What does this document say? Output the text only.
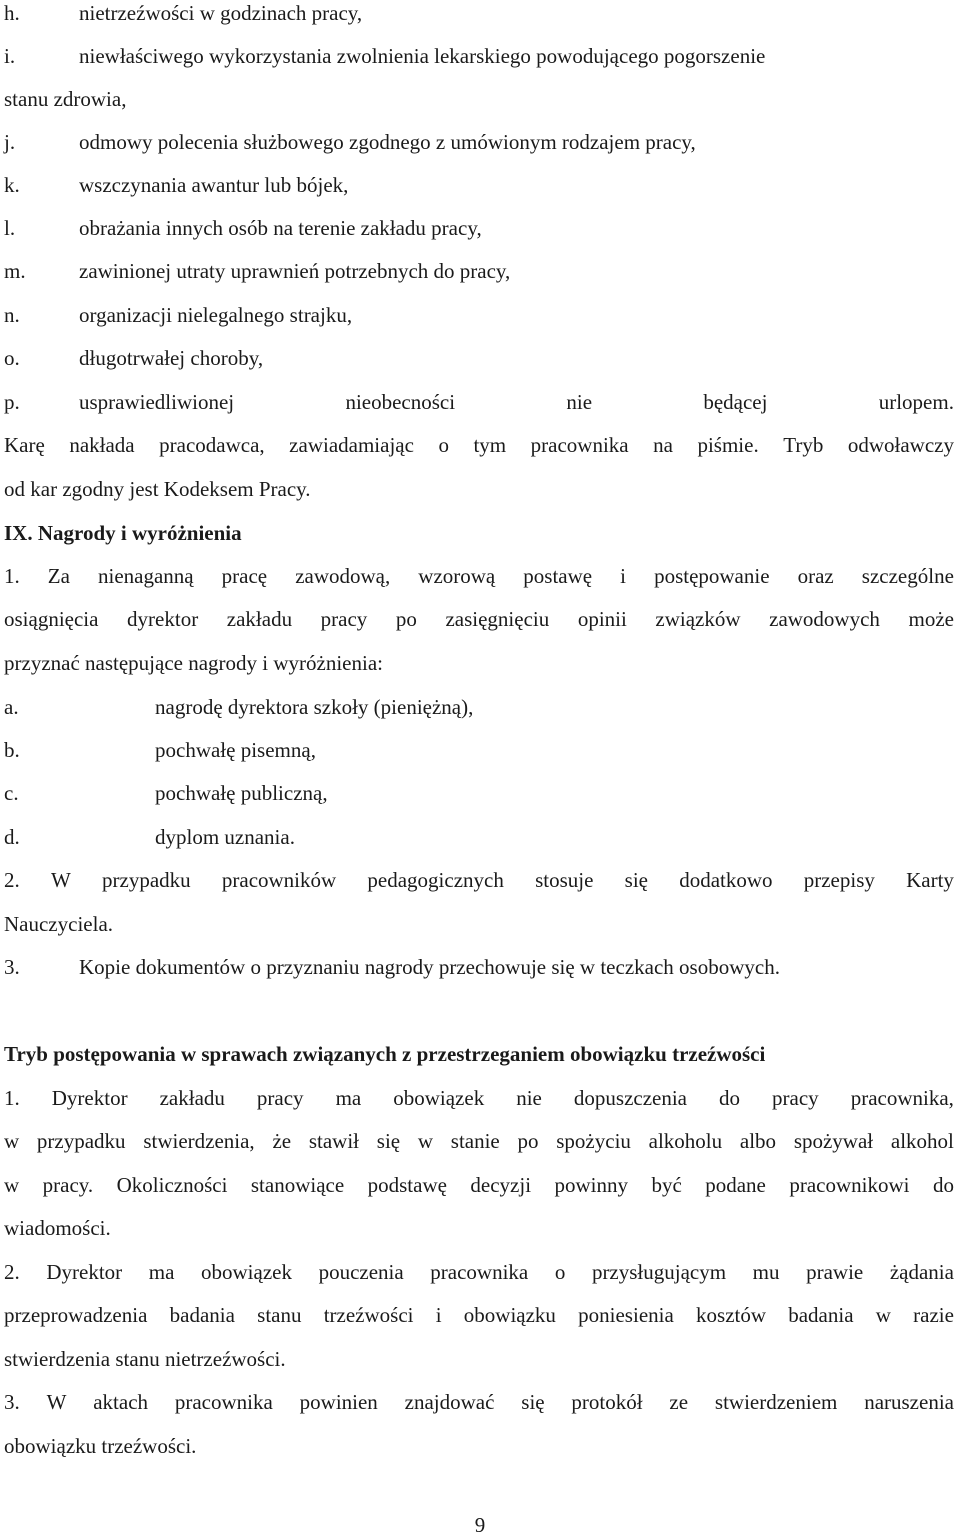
h.	nietrzeźwości w godzinach pracy,
i.	niewłaściwego wykorzystania zwolnienia lekarskiego powodującego pogorszenie
stanu zdrowia,
j.	odmowy polecenia służbowego zgodnego z umówionym rodzajem pracy,
k.	wszczynania awantur lub bójek,
l.	obrażania innych osób na terenie zakładu pracy,
m.	zawinionej utraty uprawnień potrzebnych do pracy,
n.	organizacji nielegalnego strajku,
o.	długotrwałej choroby,
p.	usprawiedliwionej	nieobecności	nie	będącej	urlopem.
Karę nakłada pracodawca, zawiadamiając o tym pracownika na piśmie. Tryb odwoławczy
od kar zgodny jest Kodeksem Pracy.
IX. Nagrody i wyróżnienia
1. Za nienaganną pracę zawodową, wzorową postawę i postępowanie oraz szczególne
osiągnięcia dyrektor zakładu pracy po zasięgnięciu opinii związków zawodowych może
przyznać następujące nagrody i wyróżnienia:
a.	nagrodę dyrektora szkoły (pieniężną),
b.	pochwałę pisemną,
c.	pochwałę publiczną,
d.	dyplom uznania.
2. W przypadku pracowników pedagogicznych stosuje się dodatkowo przepisy Karty
Nauczyciela.
3.	Kopie dokumentów o przyznaniu nagrody przechowuje się w teczkach osobowych.
Tryb postępowania w sprawach związanych z przestrzeganiem obowiązku trzeźwości
1. Dyrektor zakładu pracy ma obowiązek nie dopuszczenia do pracy pracownika,
w przypadku stwierdzenia, że stawił się w stanie po spożyciu alkoholu albo spożywał alkohol
w pracy. Okoliczności stanowiące podstawę decyzji powinny być podane pracownikowi do
wiadomości.
2. Dyrektor ma obowiązek pouczenia pracownika o przysługującym mu prawie żądania
przeprowadzenia badania stanu trzeźwości i obowiązku poniesienia kosztów badania w razie
stwierdzenia stanu nietrzeźwości.
3. W aktach pracownika powinien znajdować się protokół ze stwierdzeniem naruszenia
obowiązku trzeźwości.
9
